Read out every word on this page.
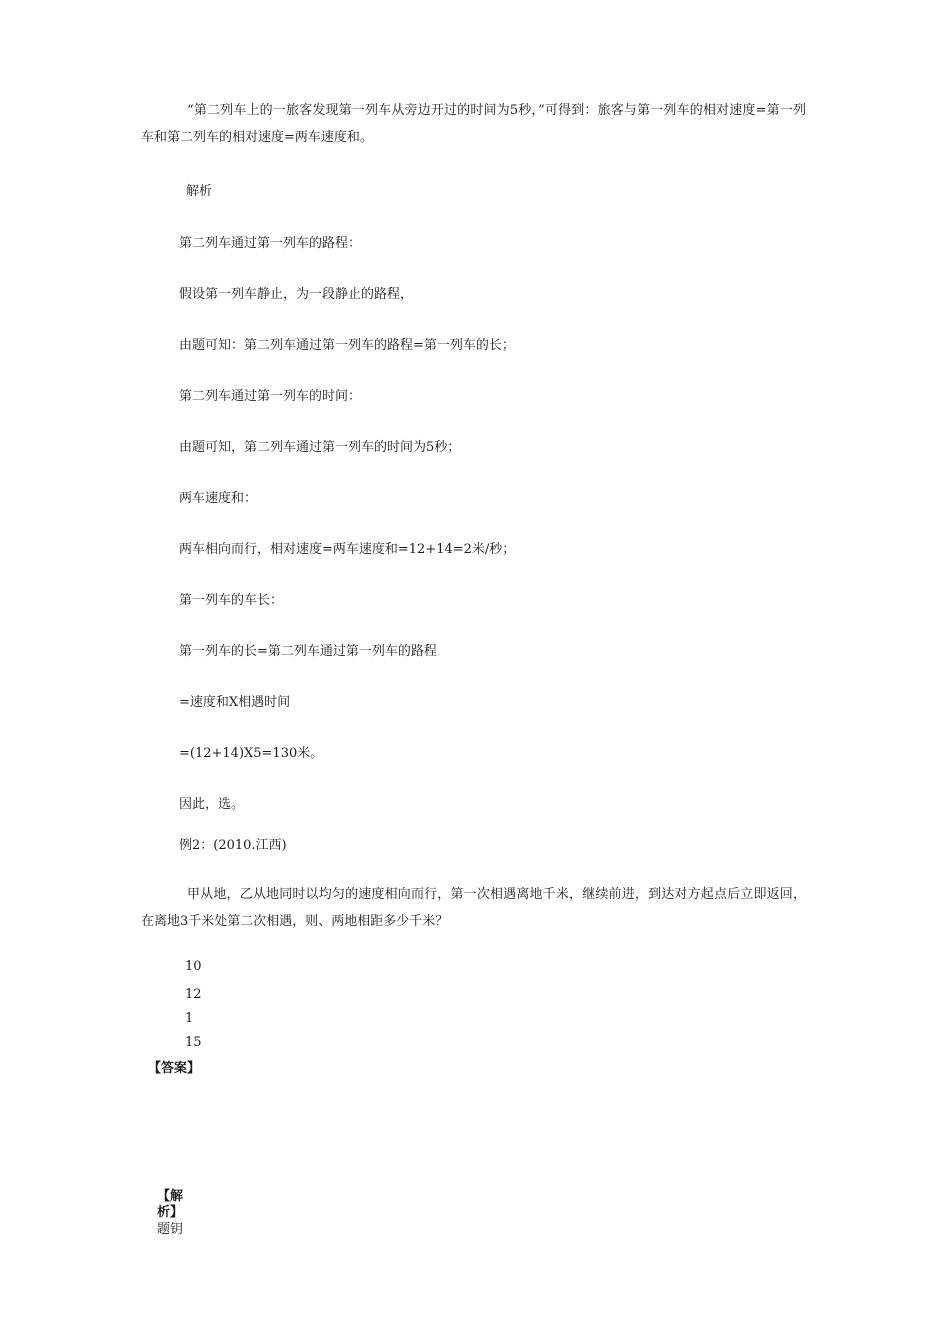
“第二列车上的一旅客发现第一列车从旁边开过的时间为5秒，”可得到：旅客与第一列车的相对速度=第一列车和第二列车的相对速度=两车速度和。
解析
第二列车通过第一列车的路程：
假设第一列车静止，为一段静止的路程，
由题可知：第二列车通过第一列车的路程=第一列车的长；
第二列车通过第一列车的时间：
由题可知，第二列车通过第一列车的时间为5秒；
两车速度和：
两车相向而行，相对速度=两车速度和=12+14=2米/秒；
第一列车的车长：
第一列车的长=第二列车通过第一列车的路程
=速度和X相遇时间
=(12+14)X5=130米。
因此，选。
例2：(2010.江西)
甲从地，乙从地同时以均匀的速度相向而行，第一次相遇离地千米，继续前进，到达对方起点后立即返回，在离地3千米处第二次相遇，则、两地相距多少千米？
10
12
1
15
【答案】
【解析】
题钥
